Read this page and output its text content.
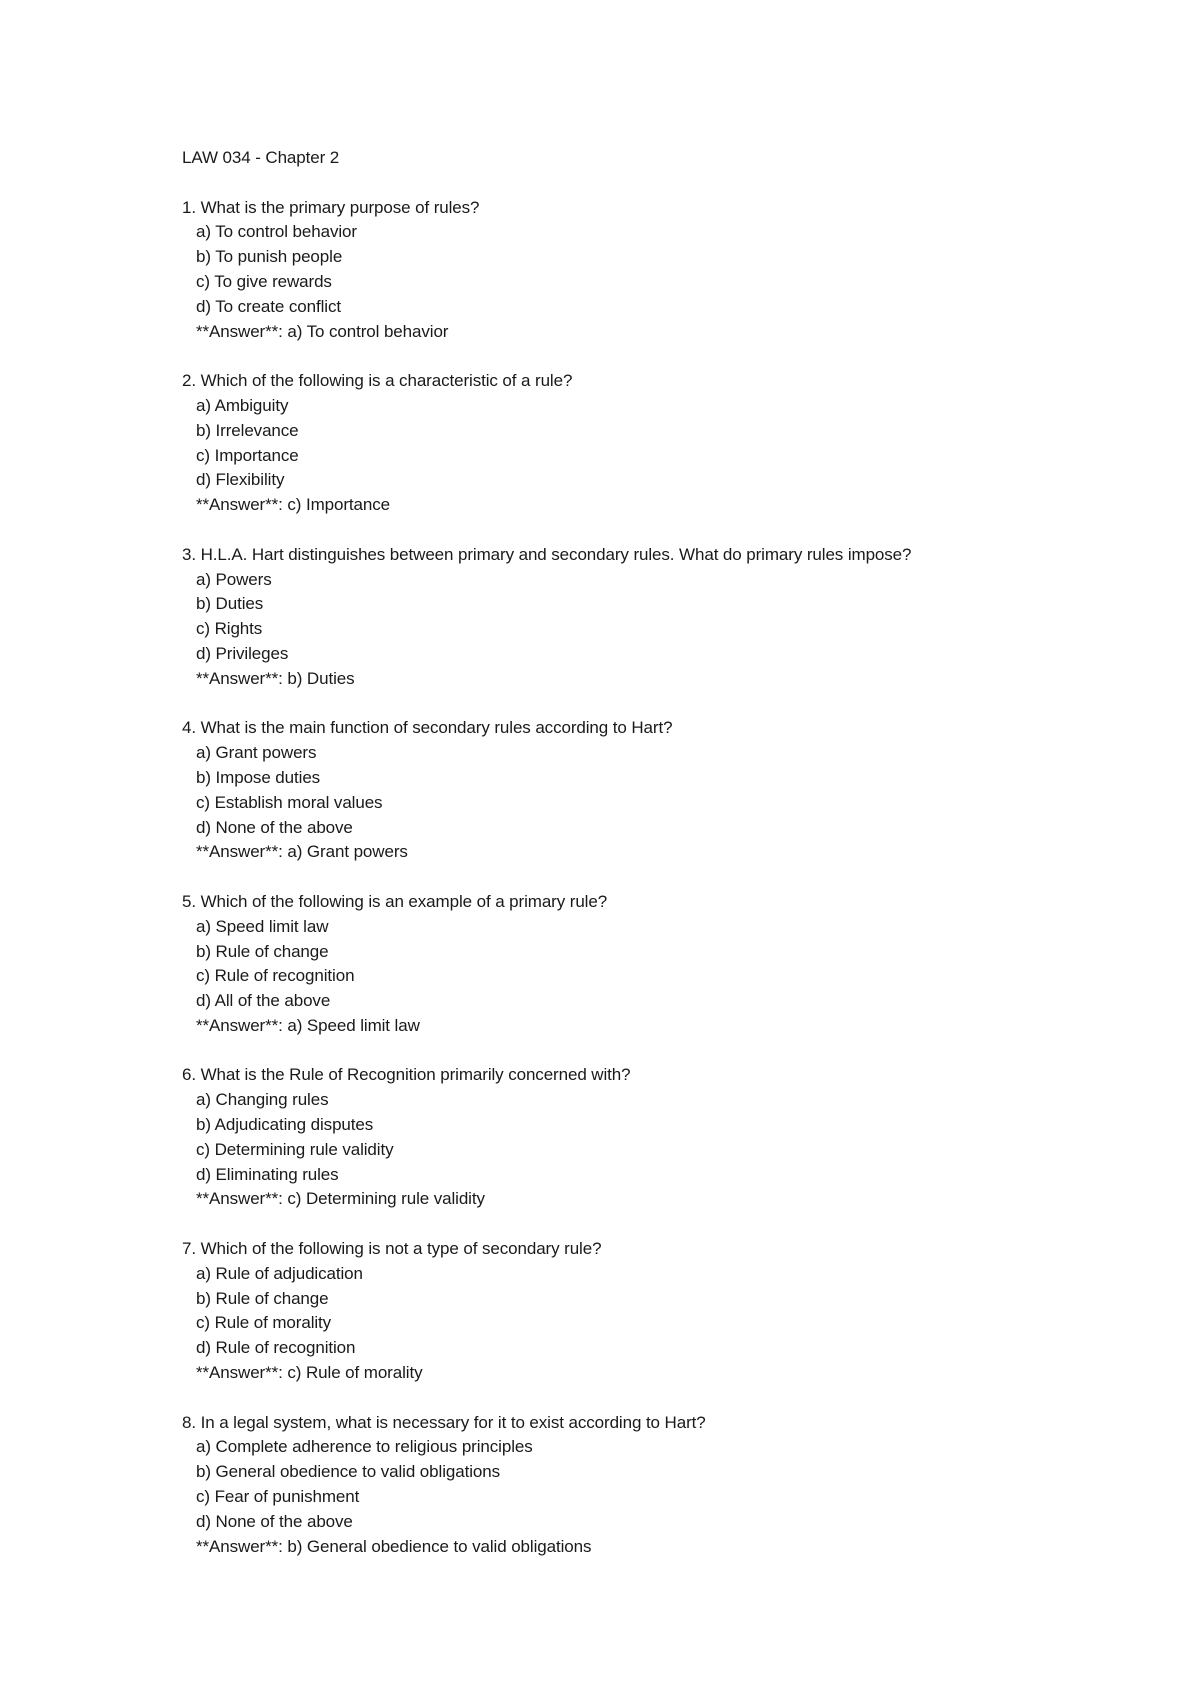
LAW 034 - Chapter 2
1. What is the primary purpose of rules?
a) To control behavior
b) To punish people
c) To give rewards
d) To create conflict
**Answer**: a) To control behavior
2. Which of the following is a characteristic of a rule?
a) Ambiguity
b) Irrelevance
c) Importance
d) Flexibility
**Answer**: c) Importance
3. H.L.A. Hart distinguishes between primary and secondary rules. What do primary rules impose?
a) Powers
b) Duties
c) Rights
d) Privileges
**Answer**: b) Duties
4. What is the main function of secondary rules according to Hart?
a) Grant powers
b) Impose duties
c) Establish moral values
d) None of the above
**Answer**: a) Grant powers
5. Which of the following is an example of a primary rule?
a) Speed limit law
b) Rule of change
c) Rule of recognition
d) All of the above
**Answer**: a) Speed limit law
6. What is the Rule of Recognition primarily concerned with?
a) Changing rules
b) Adjudicating disputes
c) Determining rule validity
d) Eliminating rules
**Answer**: c) Determining rule validity
7. Which of the following is not a type of secondary rule?
a) Rule of adjudication
b) Rule of change
c) Rule of morality
d) Rule of recognition
**Answer**: c) Rule of morality
8. In a legal system, what is necessary for it to exist according to Hart?
a) Complete adherence to religious principles
b) General obedience to valid obligations
c) Fear of punishment
d) None of the above
**Answer**: b) General obedience to valid obligations
